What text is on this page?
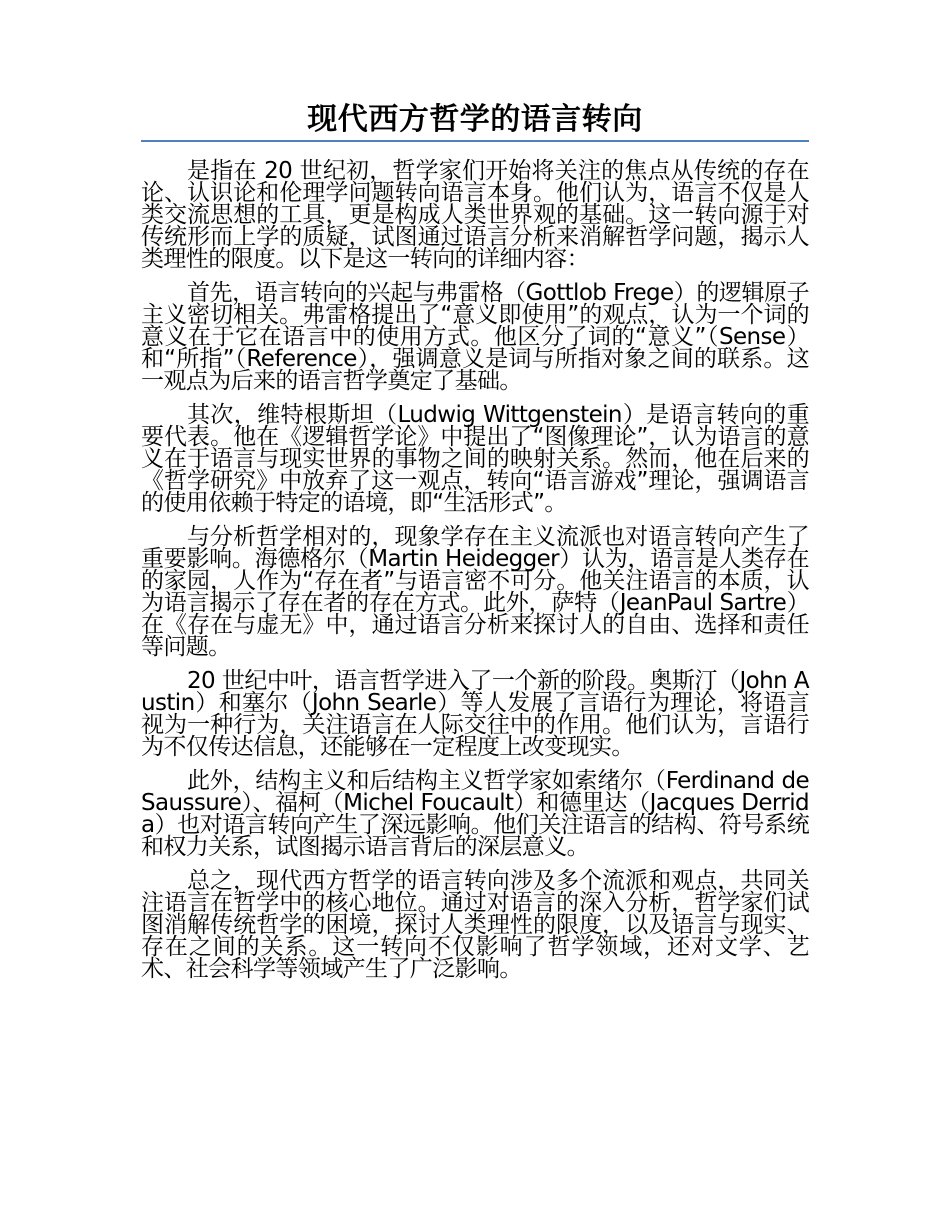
现代西方哲学的语言转向

是指在 20 世纪初，哲学家们开始将关注的焦点从传统的存在论、认识论和伦理学问题转向语言本身。他们认为，语言不仅是人类交流思想的工具，更是构成人类世界观的基础。这一转向源于对传统形而上学的质疑，试图通过语言分析来消解哲学问题，揭示人类理性的限度。以下是这一转向的详细内容：

首先，语言转向的兴起与弗雷格（Gottlob Frege）的逻辑原子主义密切相关。弗雷格提出了“意义即使用”的观点，认为一个词的意义在于它在语言中的使用方式。他区分了词的“意义”（Sense）和“所指”（Reference），强调意义是词与所指对象之间的联系。这一观点为后来的语言哲学奠定了基础。

其次，维特根斯坦（Ludwig Wittgenstein）是语言转向的重要代表。他在《逻辑哲学论》中提出了“图像理论”，认为语言的意义在于语言与现实世界的事物之间的映射关系。然而，他在后来的《哲学研究》中放弃了这一观点，转向“语言游戏”理论，强调语言的使用依赖于特定的语境，即“生活形式”。

与分析哲学相对的，现象学存在主义流派也对语言转向产生了重要影响。海德格尔（Martin Heidegger）认为，语言是人类存在的家园，人作为“存在者”与语言密不可分。他关注语言的本质，认为语言揭示了存在者的存在方式。此外，萨特（JeanPaul Sartre）在《存在与虚无》中，通过语言分析来探讨人的自由、选择和责任等问题。

20 世纪中叶，语言哲学进入了一个新的阶段。奥斯汀（John Austin）和塞尔（John Searle）等人发展了言语行为理论，将语言视为一种行为，关注语言在人际交往中的作用。他们认为，言语行为不仅传达信息，还能够在一定程度上改变现实。

此外，结构主义和后结构主义哲学家如索绪尔（Ferdinand de Saussure）、福柯（Michel Foucault）和德里达（Jacques Derrida）也对语言转向产生了深远影响。他们关注语言的结构、符号系统和权力关系，试图揭示语言背后的深层意义。

总之，现代西方哲学的语言转向涉及多个流派和观点，共同关注语言在哲学中的核心地位。通过对语言的深入分析，哲学家们试图消解传统哲学的困境，探讨人类理性的限度，以及语言与现实、存在之间的关系。这一转向不仅影响了哲学领域，还对文学、艺术、社会科学等领域产生了广泛影响。
